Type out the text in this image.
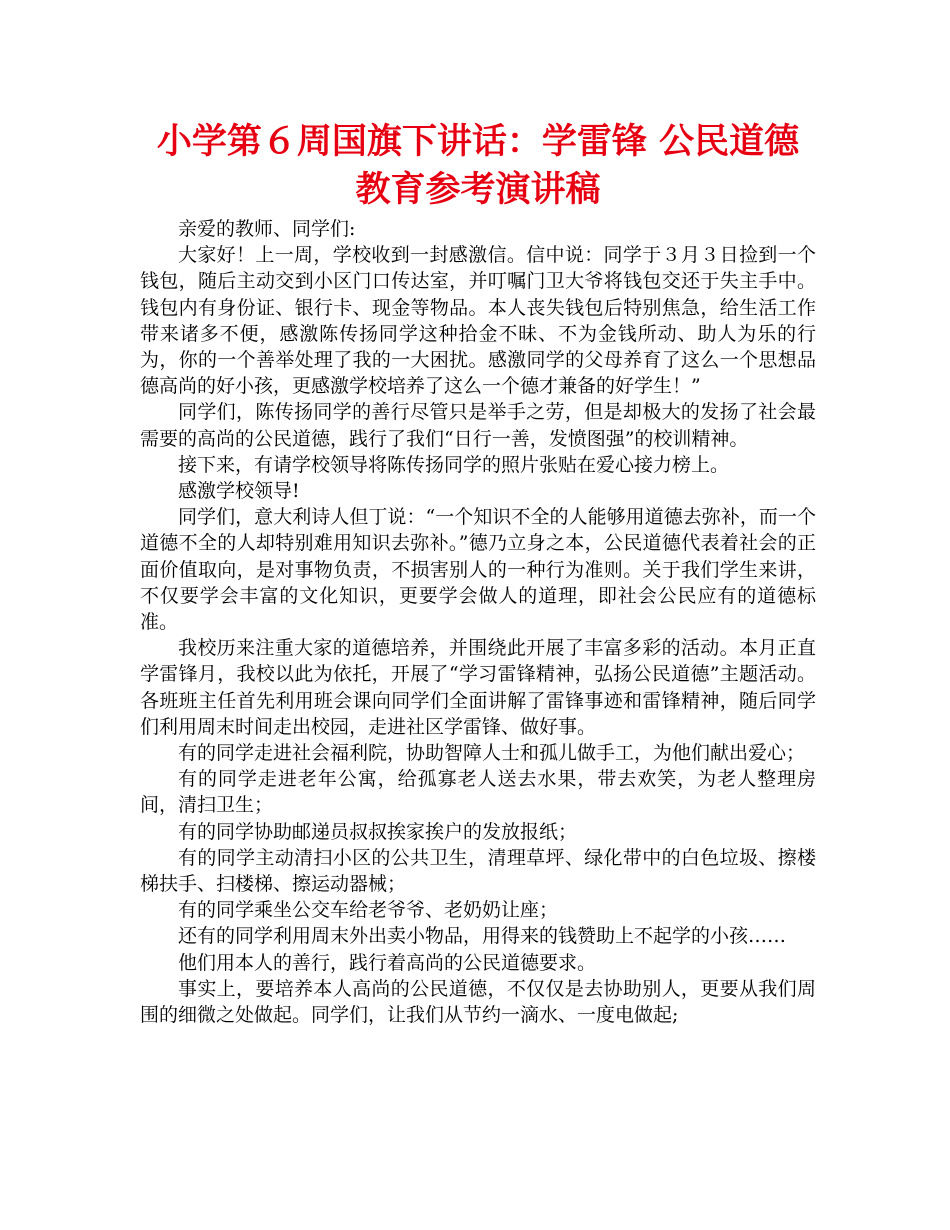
小学第６周国旗下讲话：学雷锋 公民道德教育参考演讲稿

亲爱的教师、同学们:

大家好！上一周，学校收到一封感激信。信中说：同学于３月３日捡到一个钱包，随后主动交到小区门口传达室，并叮嘱门卫大爷将钱包交还于失主手中。钱包内有身份证、银行卡、现金等物品。本人丧失钱包后特别焦急，给生活工作带来诸多不便，感激陈传扬同学这种拾金不昧、不为金钱所动、助人为乐的行为，你的一个善举处理了我的一大困扰。感激同学的父母养育了这么一个思想品德高尚的好小孩，更感激学校培养了这么一个德才兼备的好学生！”

同学们，陈传扬同学的善行尽管只是举手之劳，但是却极大的发扬了社会最需要的高尚的公民道德，践行了我们“日行一善，发愤图强”的校训精神。

接下来，有请学校领导将陈传扬同学的照片张贴在爱心接力榜上。

感激学校领导!

同学们，意大利诗人但丁说：“一个知识不全的人能够用道德去弥补，而一个道德不全的人却特别难用知识去弥补。”德乃立身之本，公民道德代表着社会的正面价值取向，是对事物负责，不损害别人的一种行为准则。关于我们学生来讲，不仅要学会丰富的文化知识，更要学会做人的道理，即社会公民应有的道德标准。

我校历来注重大家的道德培养，并围绕此开展了丰富多彩的活动。本月正直学雷锋月，我校以此为依托，开展了“学习雷锋精神，弘扬公民道德”主题活动。各班班主任首先利用班会课向同学们全面讲解了雷锋事迹和雷锋精神，随后同学们利用周末时间走出校园，走进社区学雷锋、做好事。

有的同学走进社会福利院，协助智障人士和孤儿做手工，为他们献出爱心；

有的同学走进老年公寓，给孤寡老人送去水果，带去欢笑，为老人整理房间，清扫卫生；

有的同学协助邮递员叔叔挨家挨户的发放报纸；

有的同学主动清扫小区的公共卫生，清理草坪、绿化带中的白色垃圾、擦楼梯扶手、扫楼梯、擦运动器械；

有的同学乘坐公交车给老爷爷、老奶奶让座；

还有的同学利用周末外出卖小物品，用得来的钱赞助上不起学的小孩……

他们用本人的善行，践行着高尚的公民道德要求。

事实上，要培养本人高尚的公民道德，不仅仅是去协助别人，更要从我们周围的细微之处做起。同学们，让我们从节约一滴水、一度电做起;
